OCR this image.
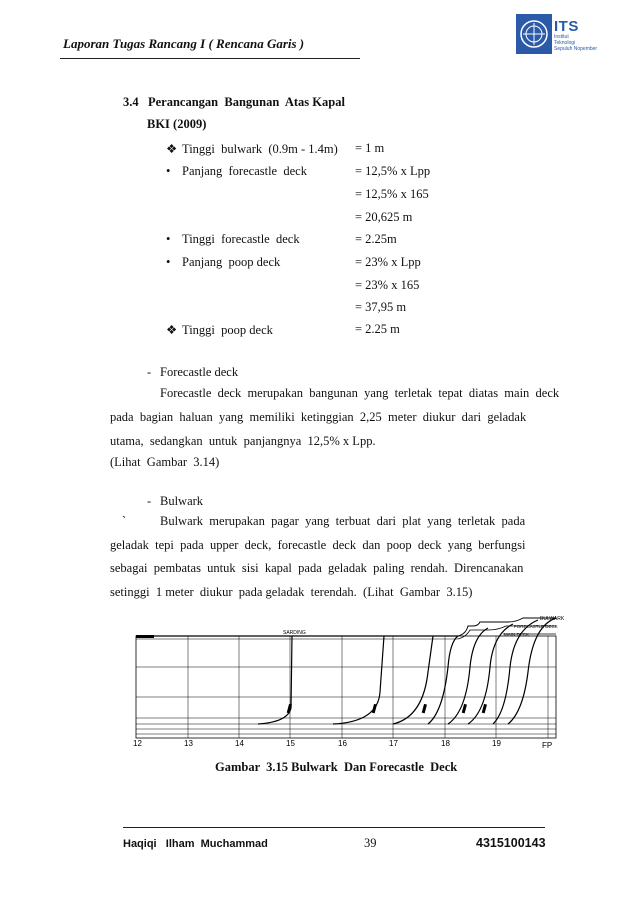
Laporan Tugas Rancang I ( Rencana Garis )
ITS
Institut
Teknologi
Sepuluh Nopember
3.4   Perancangan  Bangunan  Atas Kapal
BKI (2009)
❖ Tinggi  bulwark  (0.9m - 1.4m) = 1 m
• Panjang  forecastle  deck	= 12,5% x Lpp
= 12,5% x 165
= 20,625 m
• Tinggi  forecastle  deck	= 2.25m
• Panjang  poop deck	= 23% x Lpp
= 23% x 165
= 37,95 m
❖ Tinggi  poop deck	= 2.25 m
- Forecastle deck
Forecastle  deck  merupakan  bangunan  yang  terletak  tepat  diatas  main  deck
pada  bagian  haluan  yang  memiliki  ketinggian  2,25  meter  diukur  dari  geladak
utama,  sedangkan  untuk  panjangnya  12,5% x Lpp.
(Lihat  Gambar  3.14)
- Bulwark
`	Bulwark  merupakan  pagar  yang  terbuat  dari  plat  yang  terletak  pada
geladak  tepi  pada  upper  deck,  forecastle  deck  dan  poop  deck  yang  berfungsi
sebagai  pembatas  untuk  sisi  kapal  pada  geladak  paling  rendah.  Direncanakan
setinggi  1 meter  diukur  pada geladak  terendah.  (Lihat  Gambar  3.15)
SARDING
BULWARK
FORECASTLE DECK
MAIN DECK
12	13	14	15	16	17	18	19	FP
Gambar  3.15 Bulwark  Dan Forecastle  Deck
Haqiqi   Ilham  Muchammad	39	4315100143
